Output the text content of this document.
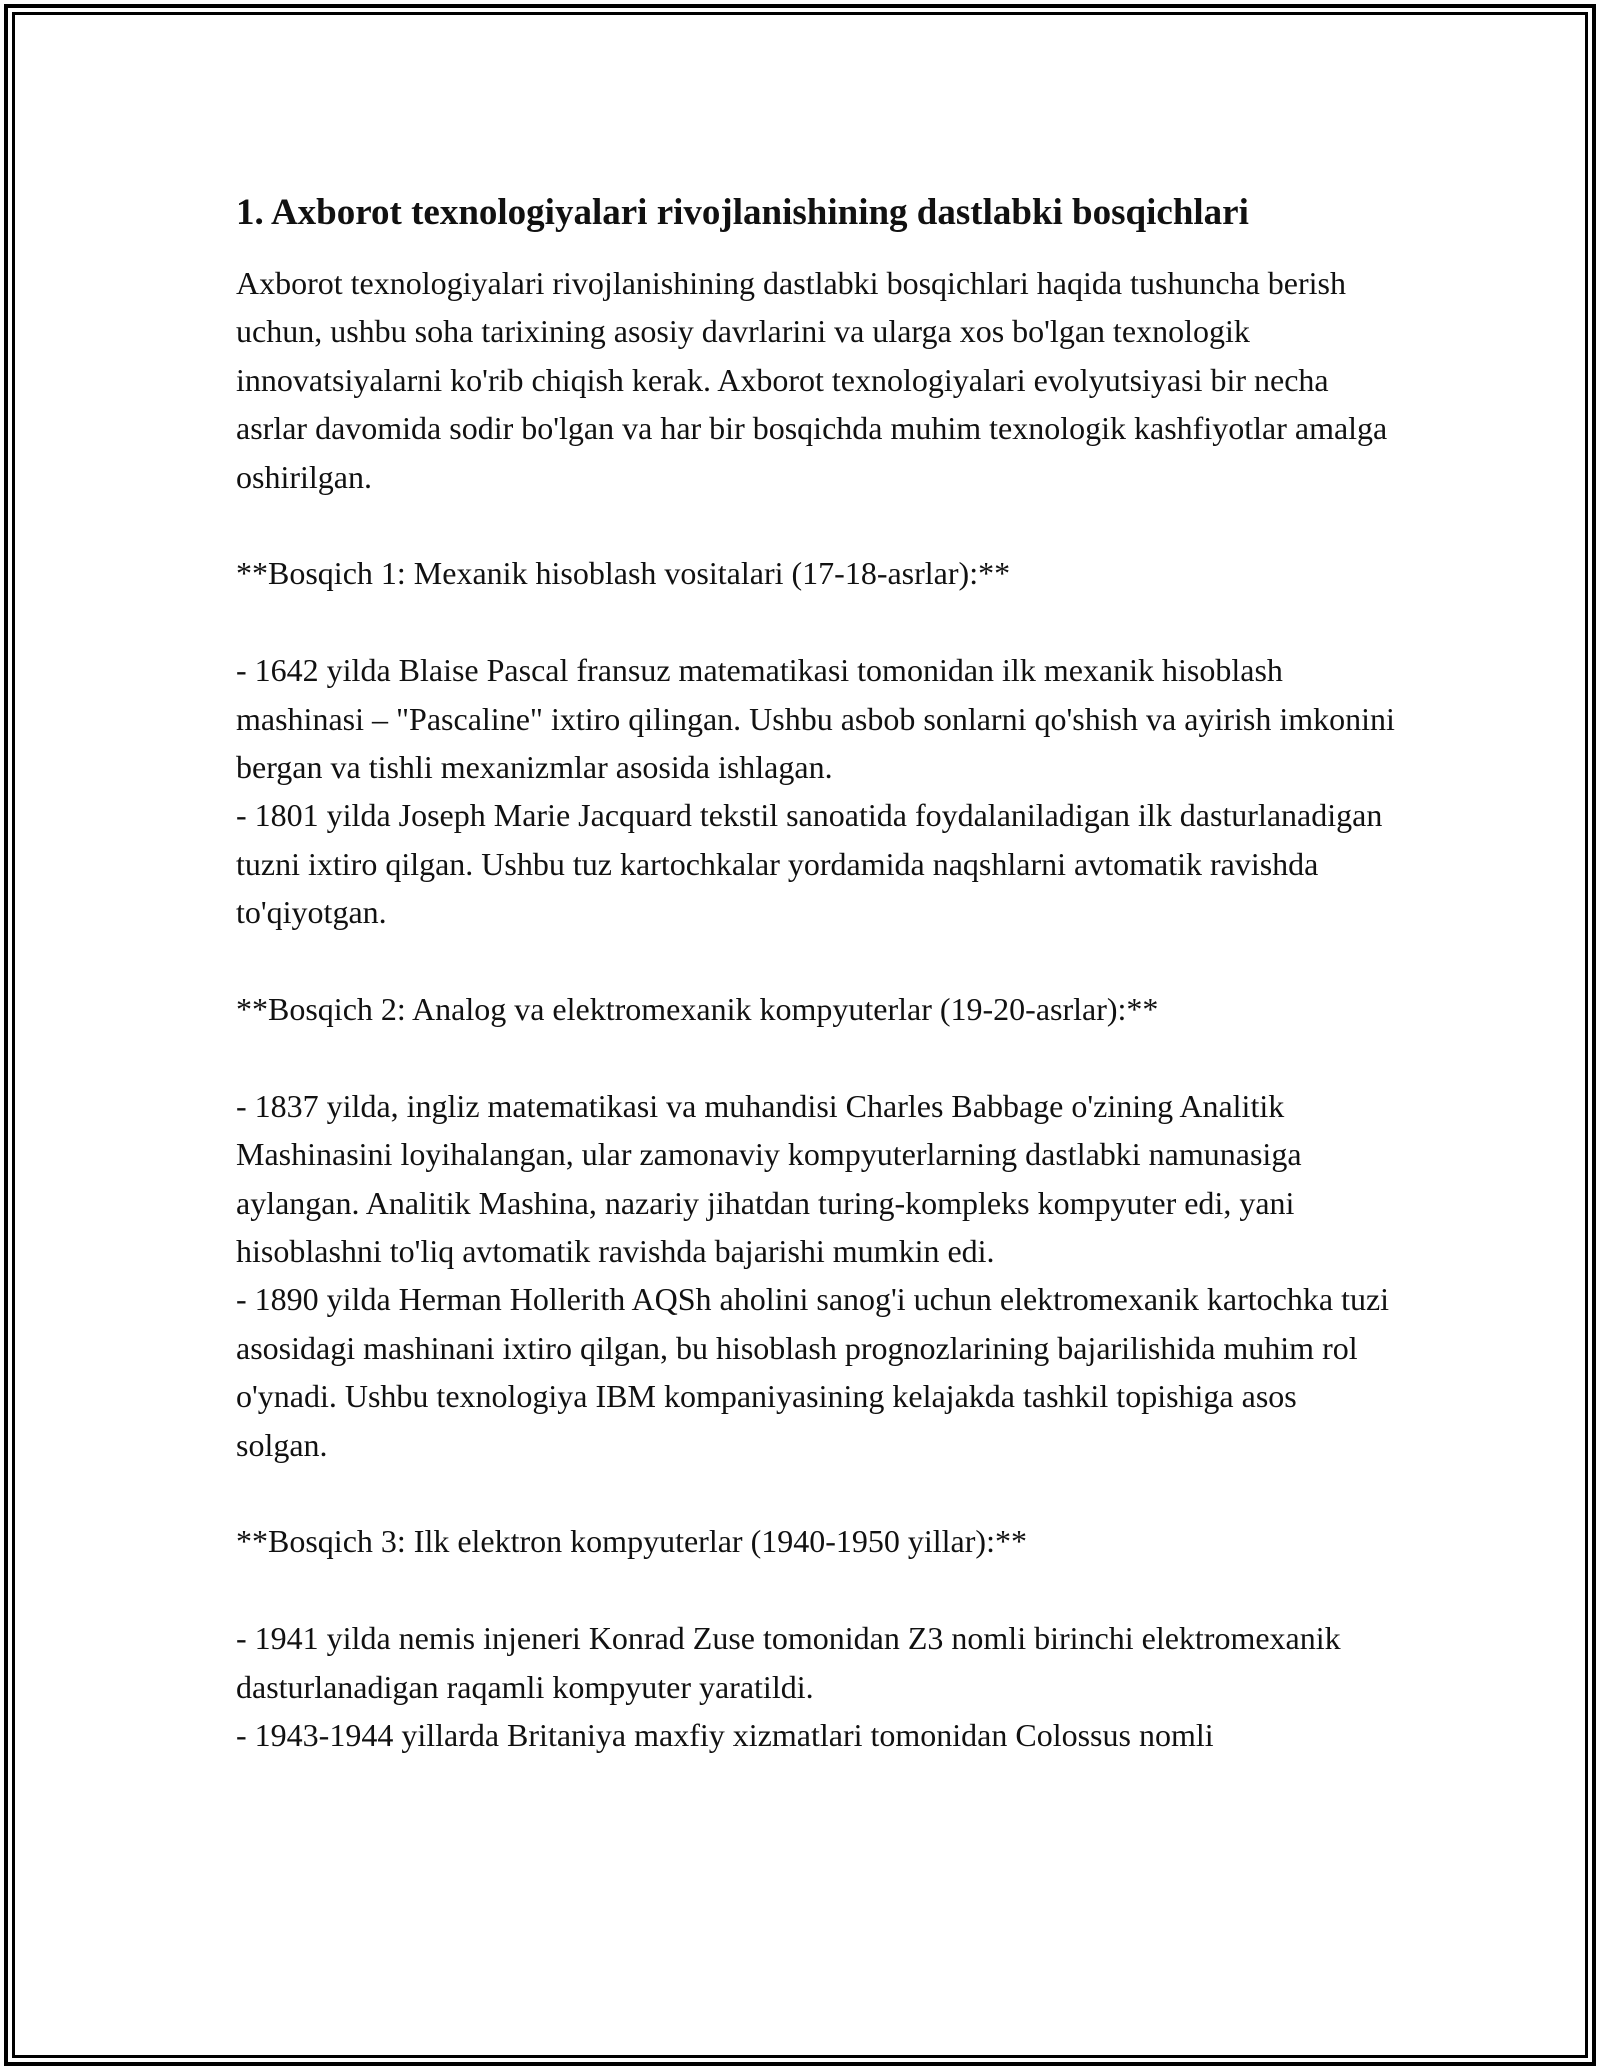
1. Axborot texnologiyalari rivojlanishining dastlabki bosqichlari

Axborot texnologiyalari rivojlanishining dastlabki bosqichlari haqida tushuncha berish uchun, ushbu soha tarixining asosiy davrlarini va ularga xos bo'lgan texnologik innovatsiyalarni ko'rib chiqish kerak. Axborot texnologiyalari evolyutsiyasi bir necha asrlar davomida sodir bo'lgan va har bir bosqichda muhim texnologik kashfiyotlar amalga oshirilgan.

**Bosqich 1: Mexanik hisoblash vositalari (17-18-asrlar):**

- 1642 yilda Blaise Pascal fransuz matematikasi tomonidan ilk mexanik hisoblash mashinasi – "Pascaline" ixtiro qilingan. Ushbu asbob sonlarni qo'shish va ayirish imkonini bergan va tishli mexanizmlar asosida ishlagan.

- 1801 yilda Joseph Marie Jacquard tekstil sanoatida foydalaniladigan ilk dasturlanadigan tuzni ixtiro qilgan. Ushbu tuz kartochkalar yordamida naqshlarni avtomatik ravishda to'qiyotgan.

**Bosqich 2: Analog va elektromexanik kompyuterlar (19-20-asrlar):**

- 1837 yilda, ingliz matematikasi va muhandisi Charles Babbage o'zining Analitik Mashinasini loyihalangan, ular zamonaviy kompyuterlarning dastlabki namunasiga aylangan. Analitik Mashina, nazariy jihatdan turing-kompleks kompyuter edi, yani hisoblashni to'liq avtomatik ravishda bajarishi mumkin edi.

- 1890 yilda Herman Hollerith AQSh aholini sanog'i uchun elektromexanik kartochka tuzi asosidagi mashinani ixtiro qilgan, bu hisoblash prognozlarining bajarilishida muhim rol o'ynadi. Ushbu texnologiya IBM kompaniyasining kelajakda tashkil topishiga asos solgan.

**Bosqich 3: Ilk elektron kompyuterlar (1940-1950 yillar):**

- 1941 yilda nemis injeneri Konrad Zuse tomonidan Z3 nomli birinchi elektromexanik dasturlanadigan raqamli kompyuter yaratildi.

- 1943-1944 yillarda Britaniya maxfiy xizmatlari tomonidan Colossus nomli
